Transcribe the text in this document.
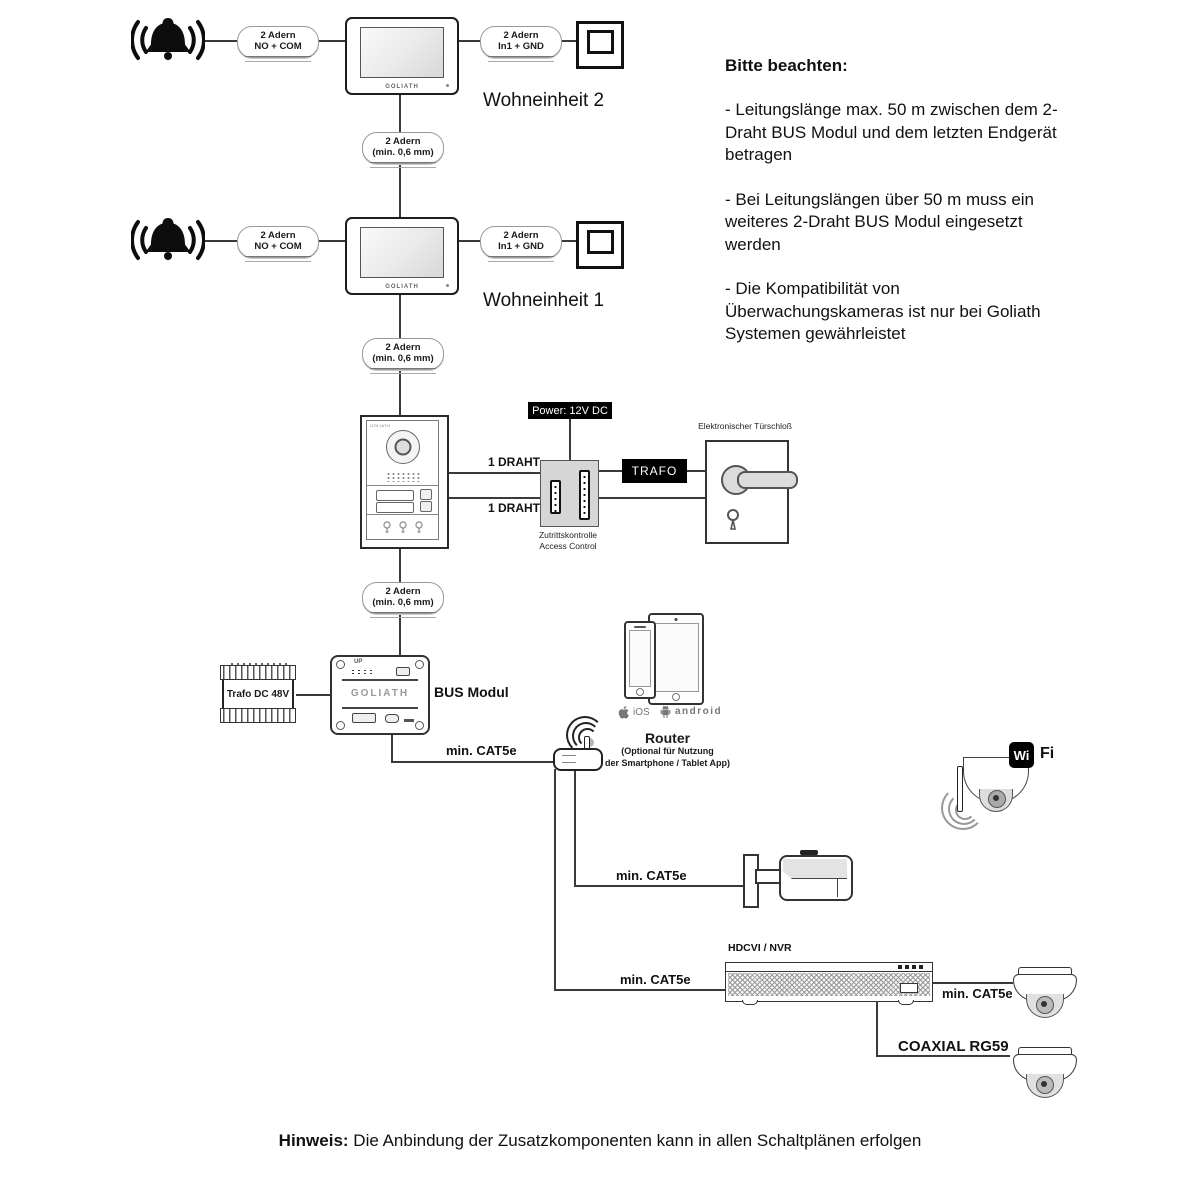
2 Adern
NO + COM
GOLIATH
2 Adern
In1 + GND
Wohneinheit 2
2 Adern
(min. 0,6 mm)
2 Adern
NO + COM
GOLIATH
2 Adern
In1 + GND
Wohneinheit 1
2 Adern
(min. 0,6 mm)

Bitte beachten:

- Leitungslänge max. 50 m zwischen dem 2-Draht BUS Modul und dem letzten Endgerät betragen

- Bei Leitungslängen über 50 m muss ein weiteres 2-Draht BUS Modul eingesetzt werden

- Die Kompatibilität von Überwachungskameras ist nur bei Goliath Systemen gewährleistet

GOLIATH
Power: 12V DC
1 DRAHT
1 DRAHT
Zutrittskontrolle
Access Control
TRAFO
Elektronischer Türschloß
2 Adern
(min. 0,6 mm)
Trafo DC 48V
UP
GOLIATH	BUS Modul
min. CAT5e
iOS	android
Router
(Optional für Nutzung
der Smartphone / Tablet App)
Wi Fi
min. CAT5e
min. CAT5e
HDCVI / NVR
min. CAT5e
COAXIAL RG59
Hinweis: Die Anbindung der Zusatzkomponenten kann in allen Schaltplänen erfolgen
